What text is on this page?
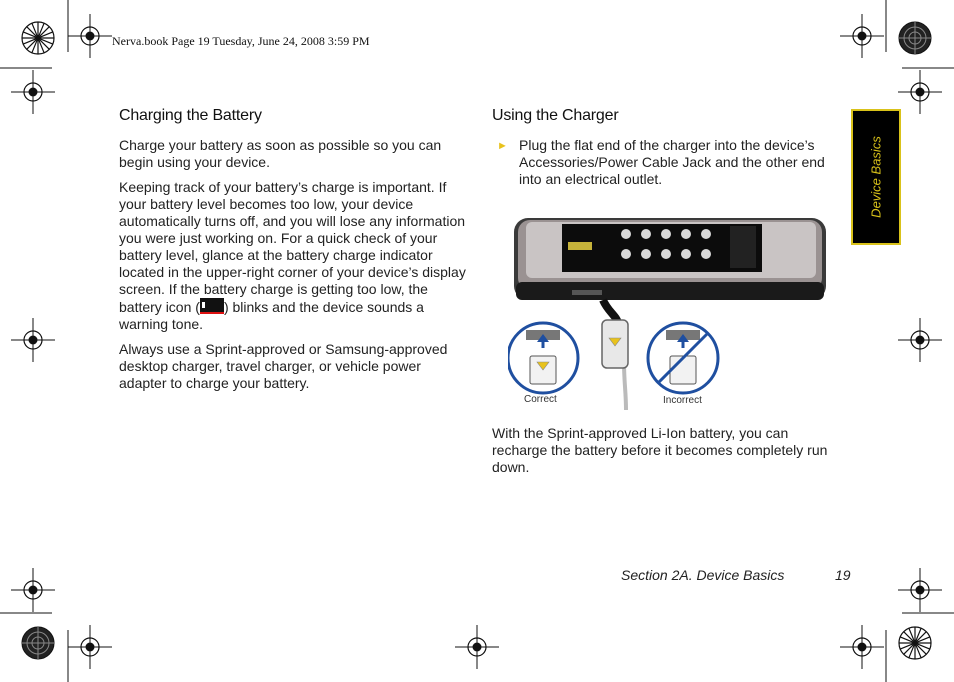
Nerva.book Page 19 Tuesday, June 24, 2008 3:59 PM
Charging the Battery
Charge your battery as soon as possible so you can begin using your device.
Keeping track of your battery’s charge is important. If your battery level becomes too low, your device automatically turns off, and you will lose any information you were just working on. For a quick check of your battery level, glance at the battery charge indicator located in the upper-right corner of your device’s display screen. If the battery charge is getting too low, the battery icon ( ) blinks and the device sounds a warning tone.
Always use a Sprint-approved or Samsung-approved desktop charger, travel charger, or vehicle power adapter to charge your battery.
Using the Charger
► Plug the flat end of the charger into the device’s Accessories/Power Cable Jack and the other end into an electrical outlet.
Correct	Incorrect
With the Sprint-approved Li-Ion battery, you can recharge the battery before it becomes completely run down.
Device Basics
Section 2A. Device Basics	19
